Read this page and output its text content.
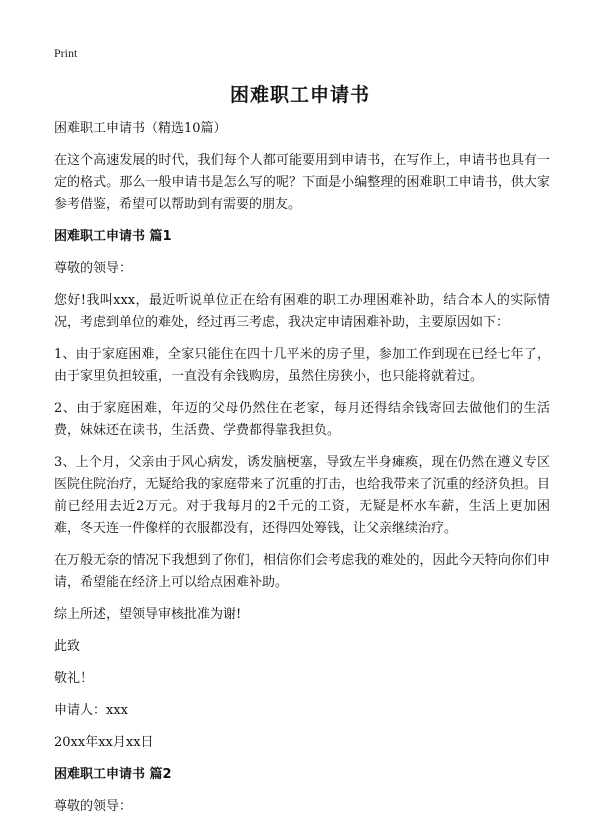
Print
困难职工申请书

困难职工申请书（精选10篇）

在这个高速发展的时代，我们每个人都可能要用到申请书，在写作上，申请书也具有一定的格式。那么一般申请书是怎么写的呢？下面是小编整理的困难职工申请书，供大家参考借鉴，希望可以帮助到有需要的朋友。

困难职工申请书 篇1

尊敬的领导：

您好!我叫xxx，最近听说单位正在给有困难的职工办理困难补助，结合本人的实际情况，考虑到单位的难处，经过再三考虑，我决定申请困难补助，主要原因如下：

1、由于家庭困难，全家只能住在四十几平米的房子里，参加工作到现在已经七年了，由于家里负担较重，一直没有余钱购房，虽然住房狭小，也只能将就着过。

2、由于家庭困难，年迈的父母仍然住在老家，每月还得结余钱寄回去做他们的生活费，妹妹还在读书，生活费、学费都得靠我担负。

3、上个月，父亲由于风心病发，诱发脑梗塞，导致左半身瘫痪，现在仍然在遵义专区医院住院治疗，无疑给我的家庭带来了沉重的打击，也给我带来了沉重的经济负担。目前已经用去近2万元。对于我每月的2千元的工资，无疑是杯水车薪，生活上更加困难，冬天连一件像样的衣服都没有，还得四处筹钱，让父亲继续治疗。

在万般无奈的情况下我想到了你们，相信你们会考虑我的难处的，因此今天特向你们申请，希望能在经济上可以给点困难补助。

综上所述，望领导审核批准为谢!

此致

敬礼！

申请人：xxx

20xx年xx月xx日

困难职工申请书 篇2

尊敬的领导：
